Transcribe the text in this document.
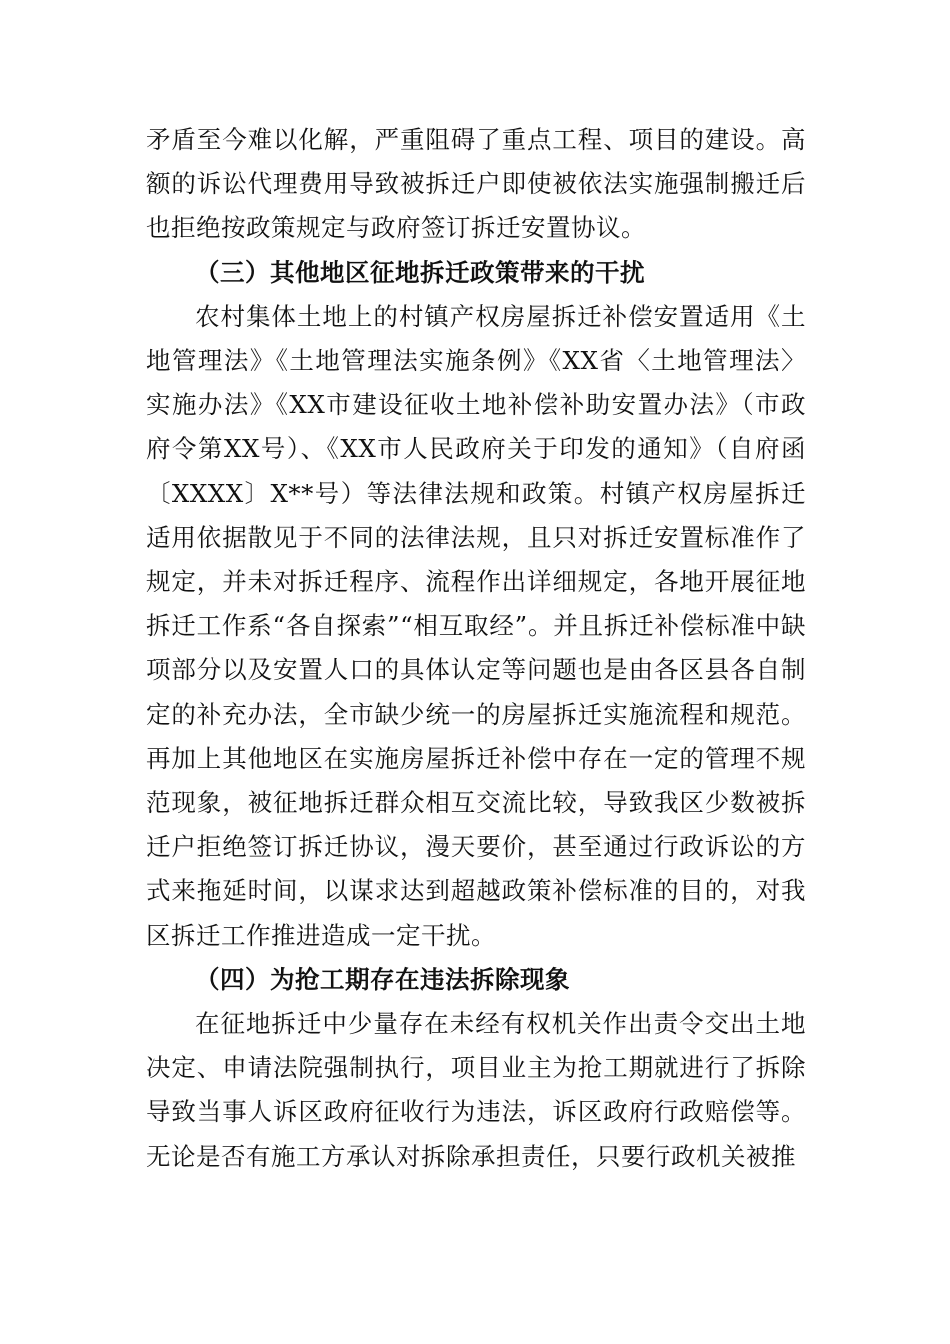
矛盾至今难以化解，严重阻碍了重点工程、项目的建设。高额的诉讼代理费用导致被拆迁户即使被依法实施强制搬迁后也拒绝按政策规定与政府签订拆迁安置协议。

（三）其他地区征地拆迁政策带来的干扰

农村集体土地上的村镇产权房屋拆迁补偿安置适用《土地管理法》《土地管理法实施条例》《XX省〈土地管理法〉实施办法》《XX市建设征收土地补偿补助安置办法》（市政府令第XX号）、《XX市人民政府关于印发的通知》（自府函〔XXXX〕X**号）等法律法规和政策。村镇产权房屋拆迁适用依据散见于不同的法律法规，且只对拆迁安置标准作了规定，并未对拆迁程序、流程作出详细规定，各地开展征地拆迁工作系“各自探索”“相互取经”。并且拆迁补偿标准中缺项部分以及安置人口的具体认定等问题也是由各区县各自制定的补充办法，全市缺少统一的房屋拆迁实施流程和规范。再加上其他地区在实施房屋拆迁补偿中存在一定的管理不规范现象，被征地拆迁群众相互交流比较，导致我区少数被拆迁户拒绝签订拆迁协议，漫天要价，甚至通过行政诉讼的方式来拖延时间，以谋求达到超越政策补偿标准的目的，对我区拆迁工作推进造成一定干扰。

（四）为抢工期存在违法拆除现象

在征地拆迁中少量存在未经有权机关作出责令交出土地决定、申请法院强制执行，项目业主为抢工期就进行了拆除导致当事人诉区政府征收行为违法，诉区政府行政赔偿等。无论是否有施工方承认对拆除承担责任，只要行政机关被推
